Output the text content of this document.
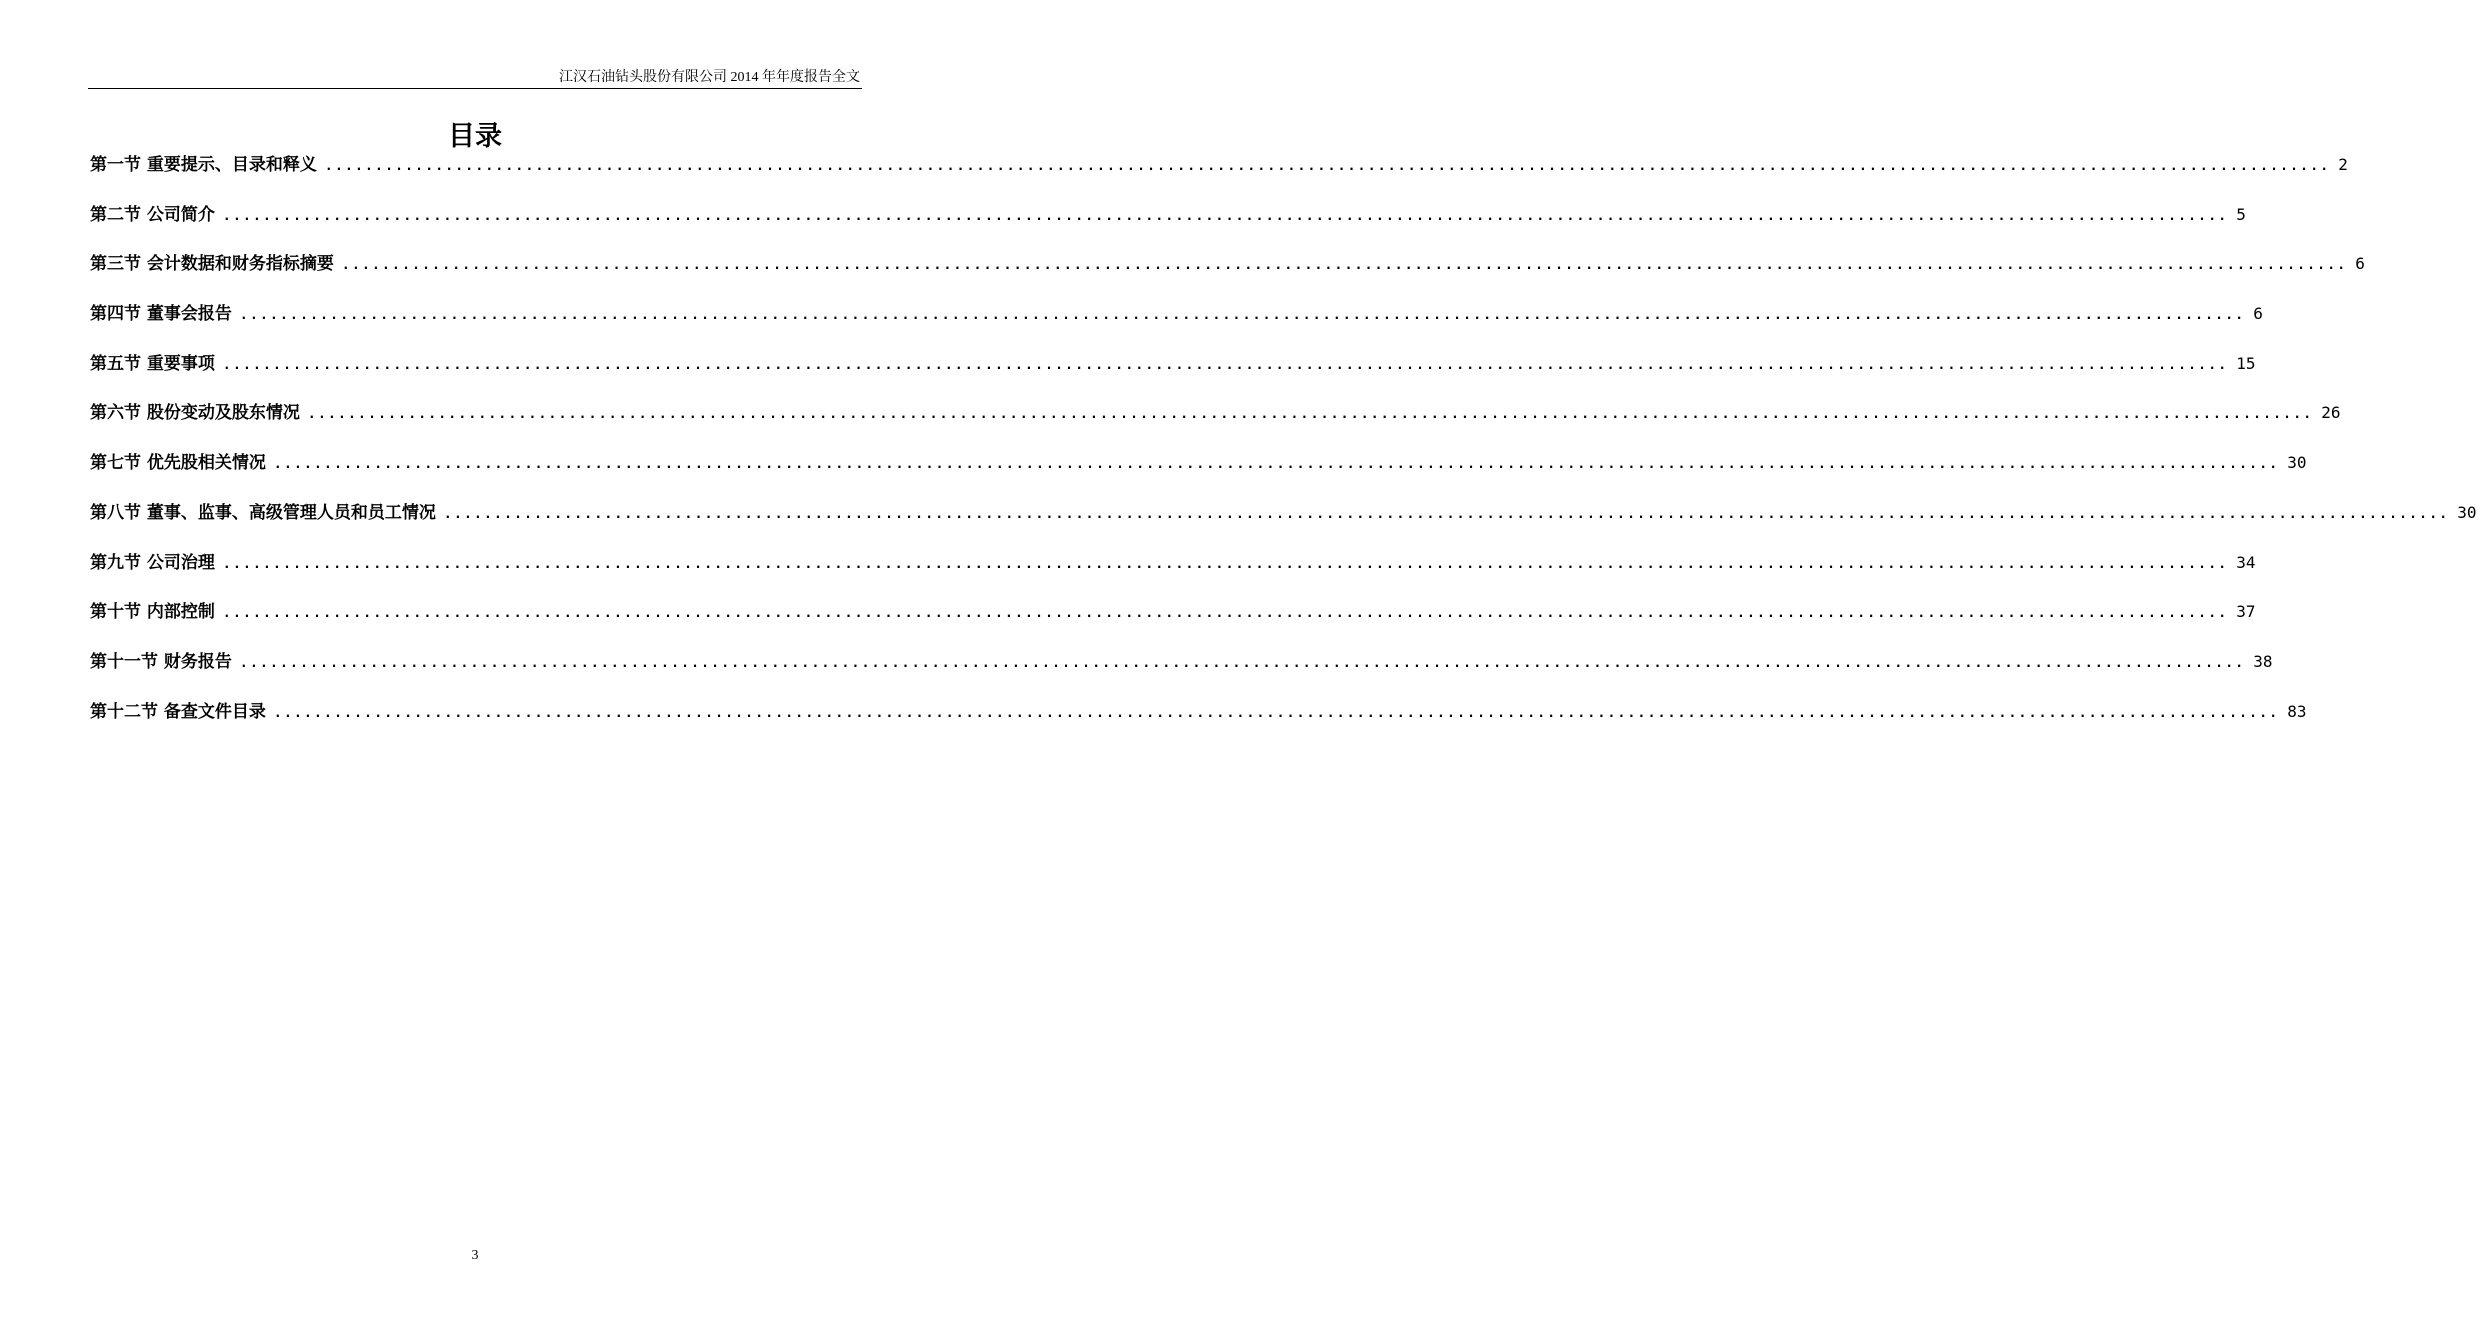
江汉石油钻头股份有限公司 2014 年年度报告全文
目录
第一节 重要提示、目录和释义 ........................................................................................................................................................................................................ 2
第二节 公司简介 ........................................................................................................................................................................................................ 5
第三节 会计数据和财务指标摘要 ........................................................................................................................................................................................................ 6
第四节 董事会报告 ........................................................................................................................................................................................................ 6
第五节 重要事项 ........................................................................................................................................................................................................ 15
第六节 股份变动及股东情况 ........................................................................................................................................................................................................ 26
第七节 优先股相关情况 ........................................................................................................................................................................................................ 30
第八节 董事、监事、高级管理人员和员工情况 ........................................................................................................................................................................................................ 30
第九节 公司治理 ........................................................................................................................................................................................................ 34
第十节 内部控制 ........................................................................................................................................................................................................ 37
第十一节 财务报告 ........................................................................................................................................................................................................ 38
第十二节 备查文件目录 ........................................................................................................................................................................................................ 83
3
